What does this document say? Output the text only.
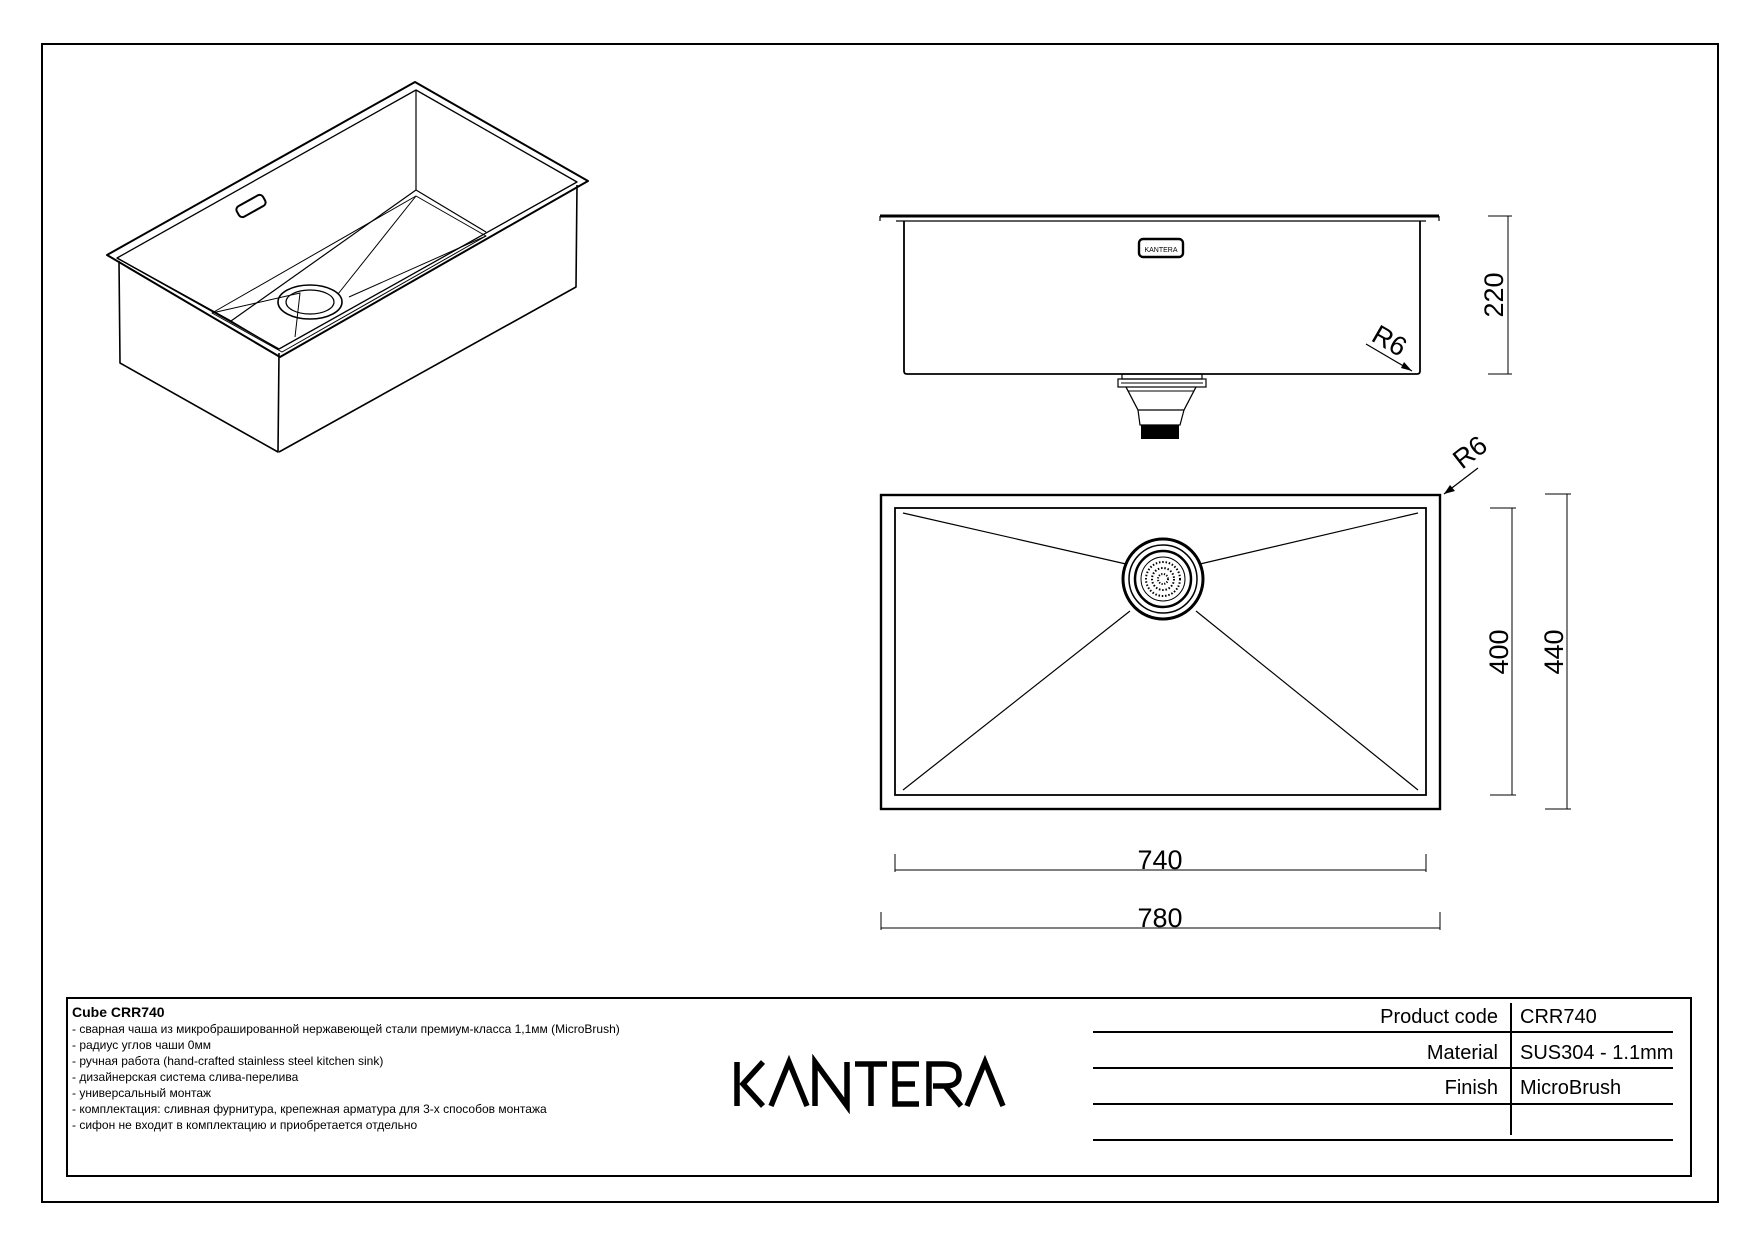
KANTERA
R6
220
R6
400 440
740
780
Cube CRR740
- сварная чаша из микробрашированной нержавеющей стали премиум-класса 1,1мм (MicroBrush)
- радиус углов чаши 0мм
- ручная работа (hand-crafted stainless steel kitchen sink)
- дизайнерская система слива-перелива
- универсальный монтаж
- комплектация: сливная фурнитура, крепежная арматура для 3-х способов монтажа
- сифон не входит в комплектацию и приобретается отдельно
Product code CRR740
Material SUS304 - 1.1mm
Finish MicroBrush
